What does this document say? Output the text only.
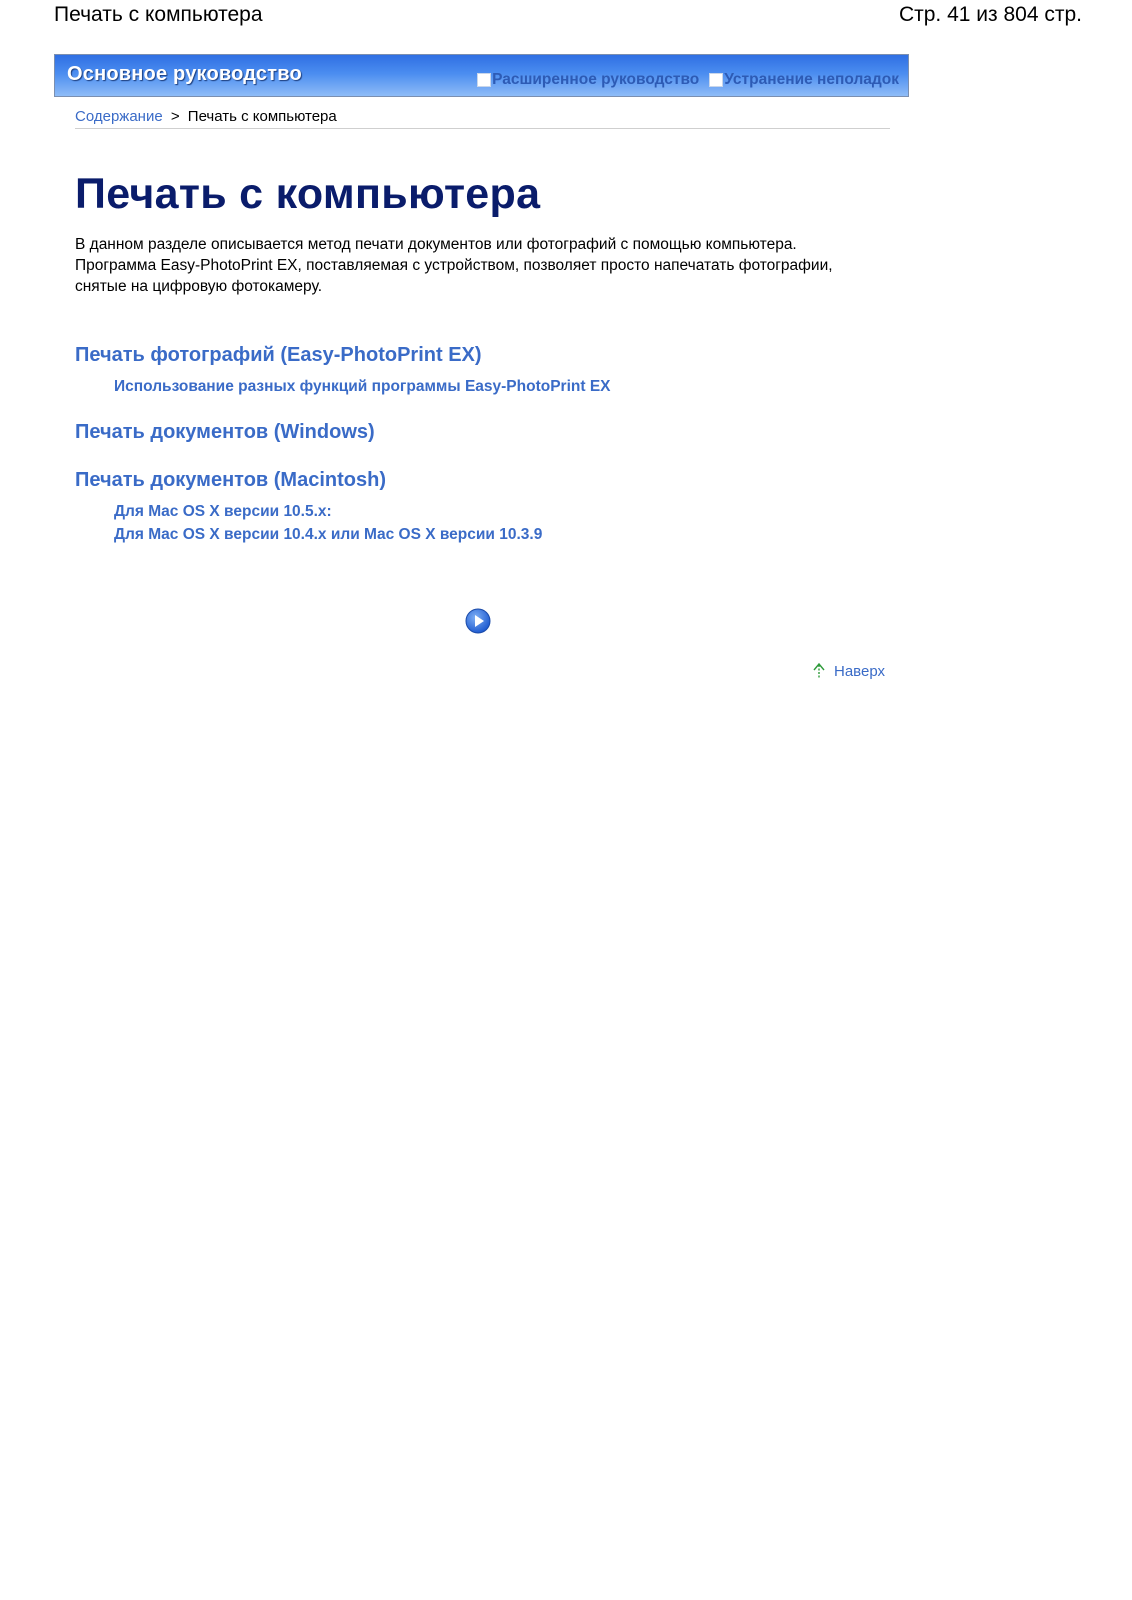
Печать с компьютера	Стр. 41 из 804 стр.
Основное руководство	Расширенное руководство Устранение неполадок
Содержание > Печать с компьютера
Печать с компьютера

В данном разделе описывается метод печати документов или фотографий с помощью компьютера.

Программа Easy-PhotoPrint EX, поставляемая с устройством, позволяет просто напечатать фотографии, снятые на цифровую фотокамеру.

Печать фотографий (Easy-PhotoPrint EX)
Использование разных функций программы Easy-PhotoPrint EX
Печать документов (Windows)
Печать документов (Macintosh)
Для Mac OS X версии 10.5.x:
Для Mac OS X версии 10.4.x или Mac OS X версии 10.3.9
Наверх
